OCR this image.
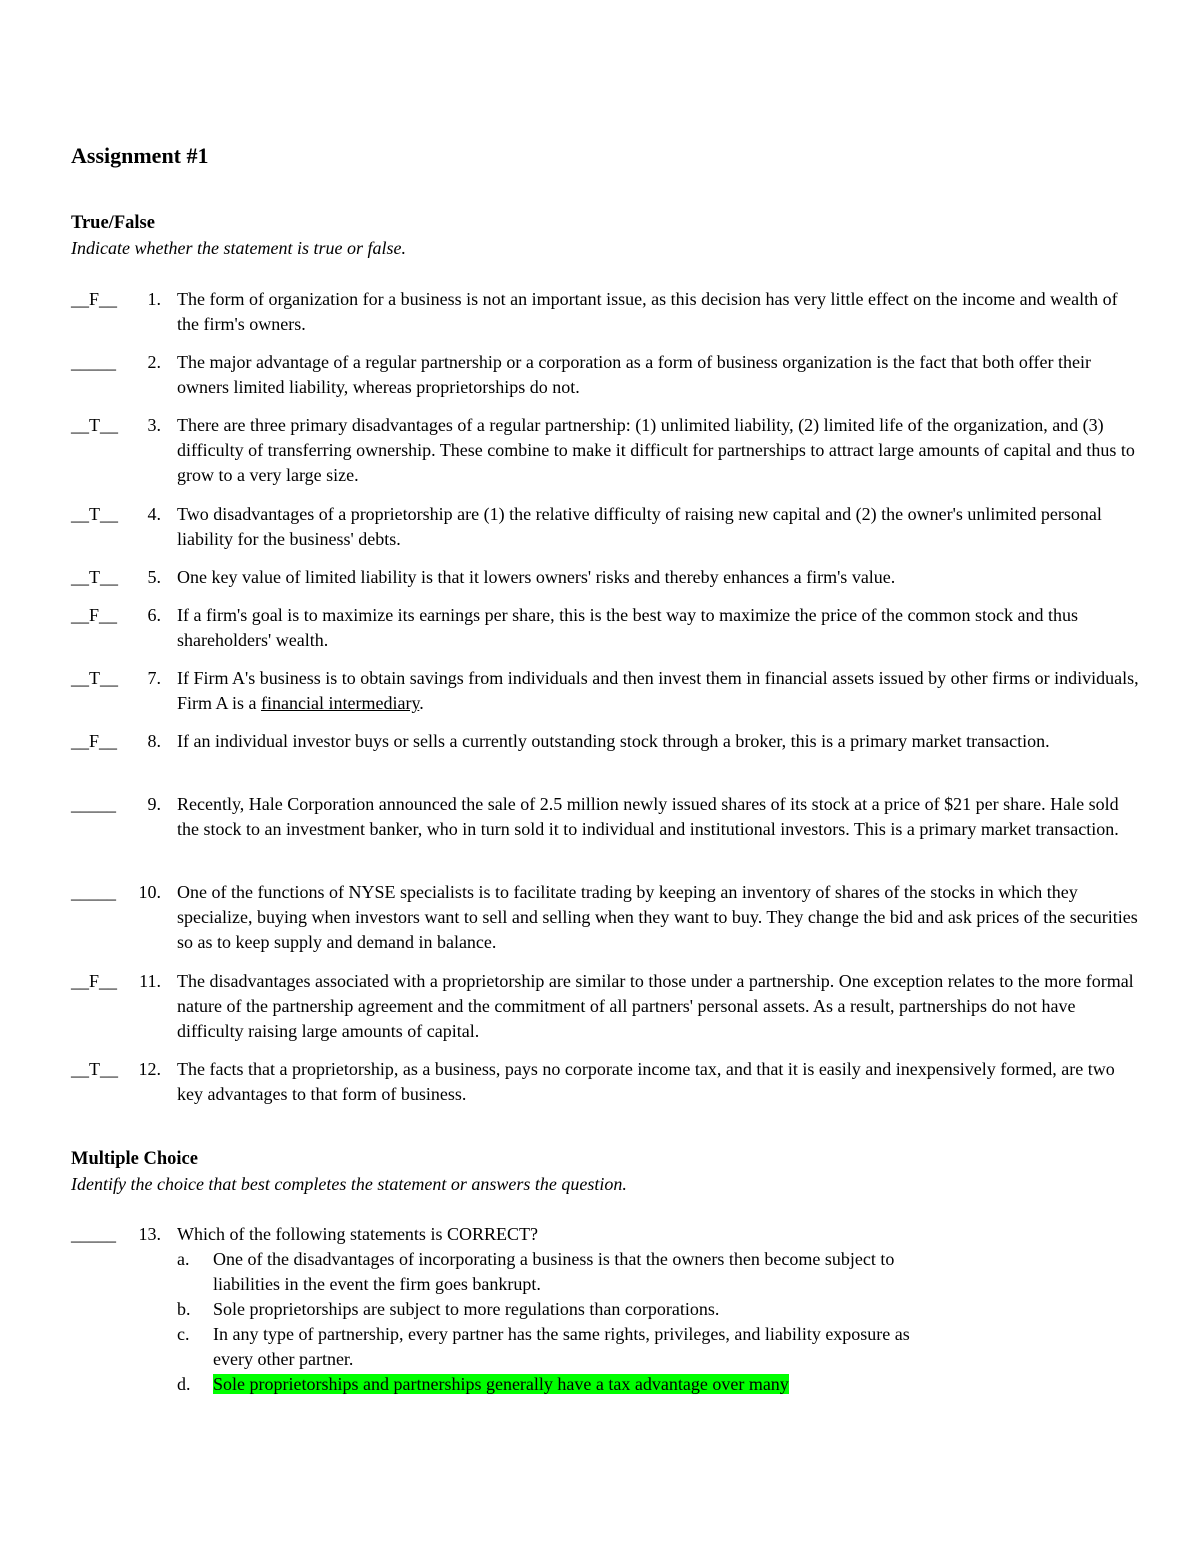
Assignment #1
True/False
Indicate whether the statement is true or false.
__F__	1. The form of organization for a business is not an important issue, as this decision has very little effect on the income and wealth of the firm's owners.
_____	2. The major advantage of a regular partnership or a corporation as a form of business organization is the fact that both offer their owners limited liability, whereas proprietorships do not.
__T__	3. There are three primary disadvantages of a regular partnership: (1) unlimited liability, (2) limited life of the organization, and (3) difficulty of transferring ownership. These combine to make it difficult for partnerships to attract large amounts of capital and thus to grow to a very large size.
__T__	4. Two disadvantages of a proprietorship are (1) the relative difficulty of raising new capital and (2) the owner's unlimited personal liability for the business' debts.
__T__	5. One key value of limited liability is that it lowers owners' risks and thereby enhances a firm's value.
__F__	6. If a firm's goal is to maximize its earnings per share, this is the best way to maximize the price of the common stock and thus shareholders' wealth.
__T__	7. If Firm A's business is to obtain savings from individuals and then invest them in financial assets issued by other firms or individuals, Firm A is a financial intermediary.
__F__	8. If an individual investor buys or sells a currently outstanding stock through a broker, this is a primary market transaction.
_____	9. Recently, Hale Corporation announced the sale of 2.5 million newly issued shares of its stock at a price of $21 per share. Hale sold the stock to an investment banker, who in turn sold it to individual and institutional investors. This is a primary market transaction.
_____	10. One of the functions of NYSE specialists is to facilitate trading by keeping an inventory of shares of the stocks in which they specialize, buying when investors want to sell and selling when they want to buy. They change the bid and ask prices of the securities so as to keep supply and demand in balance.
__F__	11. The disadvantages associated with a proprietorship are similar to those under a partnership. One exception relates to the more formal nature of the partnership agreement and the commitment of all partners' personal assets. As a result, partnerships do not have difficulty raising large amounts of capital.
__T__	12. The facts that a proprietorship, as a business, pays no corporate income tax, and that it is easily and inexpensively formed, are two key advantages to that form of business.
Multiple Choice
Identify the choice that best completes the statement or answers the question.
_____	13. Which of the following statements is CORRECT?
a. One of the disadvantages of incorporating a business is that the owners then become subject to liabilities in the event the firm goes bankrupt.
b. Sole proprietorships are subject to more regulations than corporations.
c. In any type of partnership, every partner has the same rights, privileges, and liability exposure as every other partner.
d. Sole proprietorships and partnerships generally have a tax advantage over many
